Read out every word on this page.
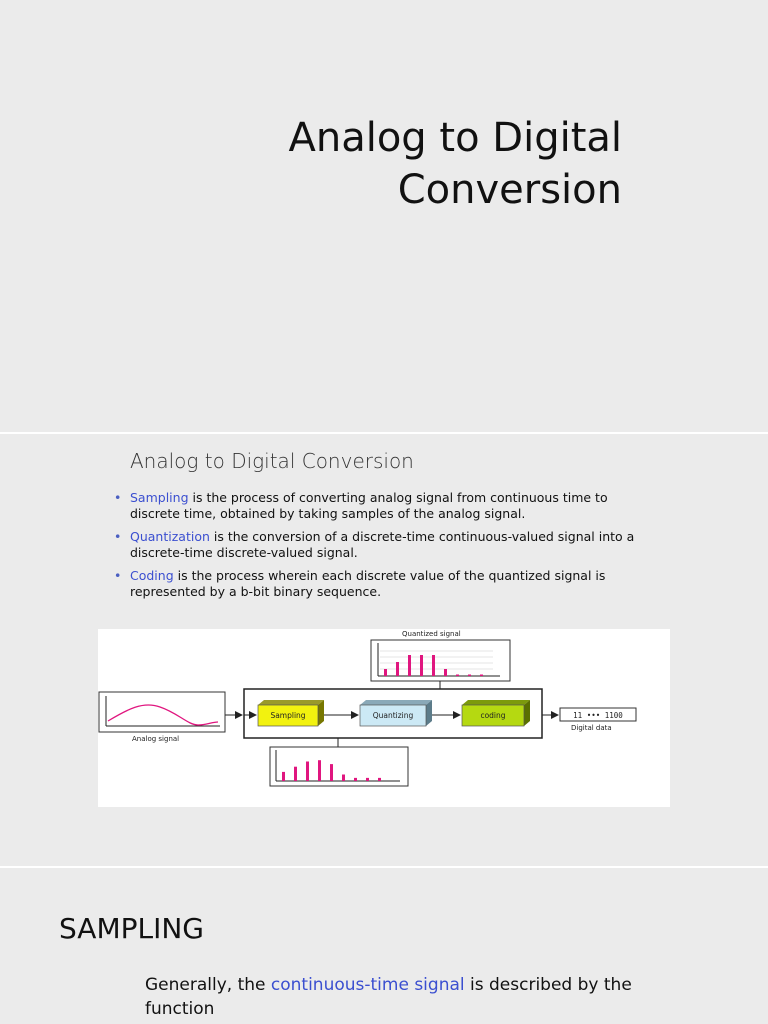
Analog to Digital
Conversion
Analog to Digital Conversion
• Sampling is the process of converting analog signal from continuous time to discrete time, obtained by taking samples of the analog signal.
• Quantization is the conversion of a discrete-time continuous-valued signal into a discrete-time discrete-valued signal.
• Coding is the process wherein each discrete value of the quantized signal is represented by a b-bit binary sequence.
Quantized signal
Analog signal
Sampling	Quantizing	coding	11 ••• 1100
Digital data
SAMPLING
Generally, the continuous-time signal is described by the function
